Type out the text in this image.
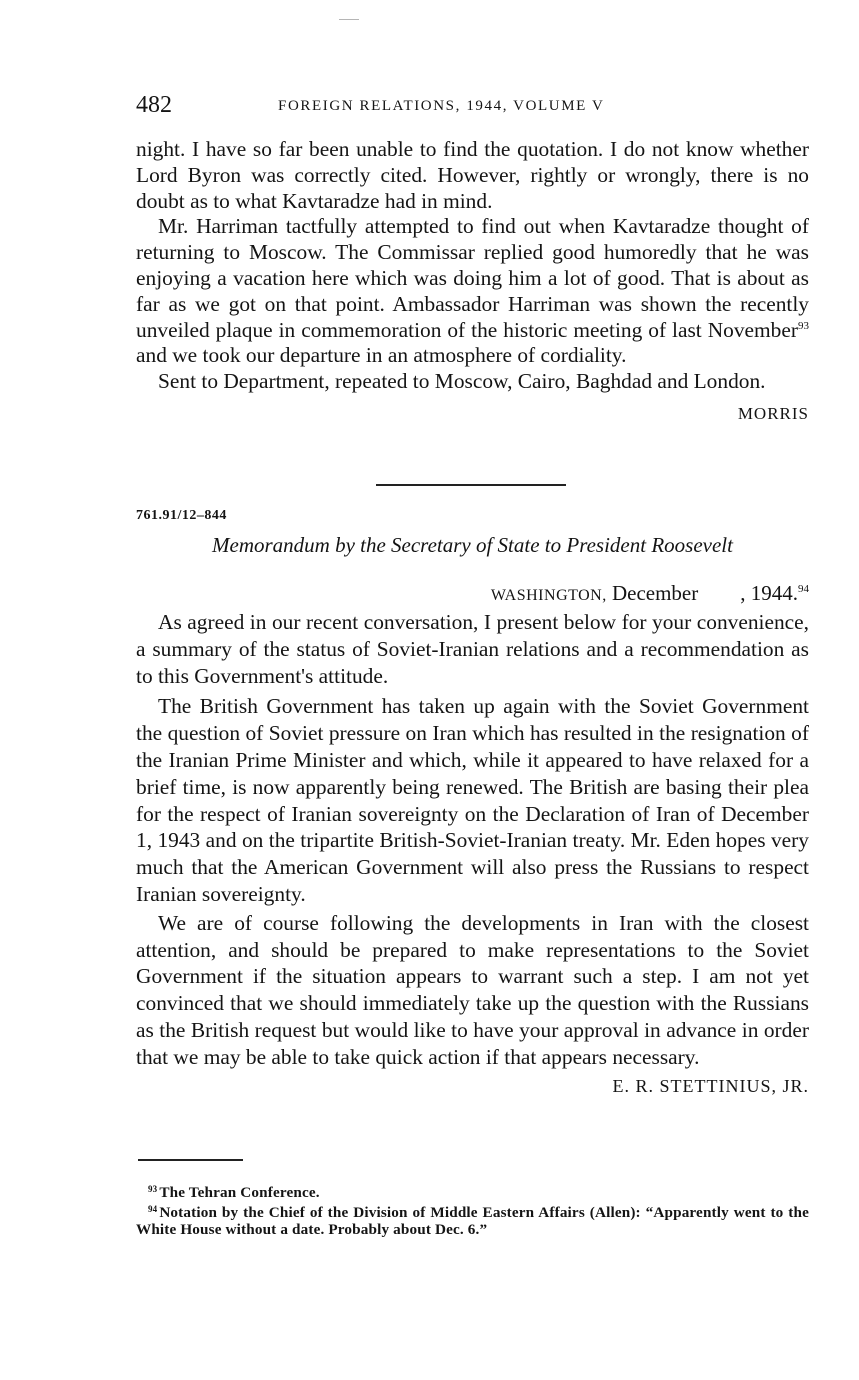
482	FOREIGN RELATIONS, 1944, VOLUME V

night. I have so far been unable to find the quotation. I do not know whether Lord Byron was correctly cited. However, rightly or wrongly, there is no doubt as to what Kavtaradze had in mind.

Mr. Harriman tactfully attempted to find out when Kavtaradze thought of returning to Moscow. The Commissar replied good humoredly that he was enjoying a vacation here which was doing him a lot of good. That is about as far as we got on that point. Ambassador Harriman was shown the recently unveiled plaque in commemoration of the historic meeting of last November$^{93}$ and we took our departure in an atmosphere of cordiality.

Sent to Department, repeated to Moscow, Cairo, Baghdad and London.

MORRIS
761.91/12–844
Memorandum by the Secretary of State to President Roosevelt
WASHINGTON, December        , 1944.94

As agreed in our recent conversation, I present below for your convenience, a summary of the status of Soviet-Iranian relations and a recommendation as to this Government's attitude.

The British Government has taken up again with the Soviet Government the question of Soviet pressure on Iran which has resulted in the resignation of the Iranian Prime Minister and which, while it appeared to have relaxed for a brief time, is now apparently being renewed. The British are basing their plea for the respect of Iranian sovereignty on the Declaration of Iran of December 1, 1943 and on the tripartite British-Soviet-Iranian treaty. Mr. Eden hopes very much that the American Government will also press the Russians to respect Iranian sovereignty.

We are of course following the developments in Iran with the closest attention, and should be prepared to make representations to the Soviet Government if the situation appears to warrant such a step. I am not yet convinced that we should immediately take up the question with the Russians as the British request but would like to have your approval in advance in order that we may be able to take quick action if that appears necessary.

E. R. STETTINIUS, JR.
$^{93}$ The Tehran Conference.
$^{94}$ Notation by the Chief of the Division of Middle Eastern Affairs (Allen): “Apparently went to the White House without a date. Probably about Dec. 6.”
